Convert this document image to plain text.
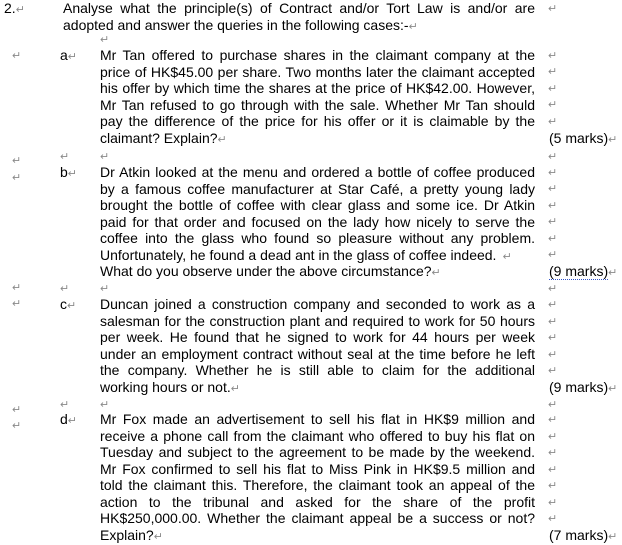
2.↵	Analyse what the principle(s) of Contract and/or Tort Law is and/or are
adopted and answer the queries in the following cases:-↵
↵
↵
↵	a↵ Mr Tan offered to purchase shares in the claimant company at the
price of HK$45.00 per share. Two months later the claimant accepted
his offer by which time the shares at the price of HK$42.00. However,
Mr Tan refused to go through with the sale. Whether Mr Tan should
pay the difference of the price for his offer or it is claimable by the
claimant? Explain?↵
↵
↵
↵
↵
↵
(5 marks)↵
↵	↵	↵	↵
↵	b↵ Dr Atkin looked at the menu and ordered a bottle of coffee produced
by a famous coffee manufacturer at Star Café, a pretty young lady
brought the bottle of coffee with clear glass and some ice. Dr Atkin
paid for that order and focused on the lady how nicely to serve the
coffee into the glass who found so pleasure without any problem.
Unfortunately, he found a dead ant in the glass of coffee indeed. ↵
What do you observe under the above circumstance?↵
↵
↵
↵
↵
↵
↵
(9 marks)↵
↵
↵
↵	↵	↵
c↵ Duncan joined a construction company and seconded to work as a
salesman for the construction plant and required to work for 50 hours
per week. He found that he signed to work for 44 hours per week
under an employment contract without seal at the time before he left
the company. Whether he is still able to claim for the additional
working hours or not.↵
↵
↵
↵
↵
↵
(9 marks)↵
↵	↵	↵	↵
↵	d↵ Mr Fox made an advertisement to sell his flat in HK$9 million and
receive a phone call from the claimant who offered to buy his flat on
Tuesday and subject to the agreement to be made by the weekend.
Mr Fox confirmed to sell his flat to Miss Pink in HK$9.5 million and
told the claimant this. Therefore, the claimant took an appeal of the
action to the tribunal and asked for the share of the profit
HK$250,000.00. Whether the claimant appeal be a success or not?
Explain?↵
↵
↵
↵
↵
↵
↵
↵
(7 marks)↵
